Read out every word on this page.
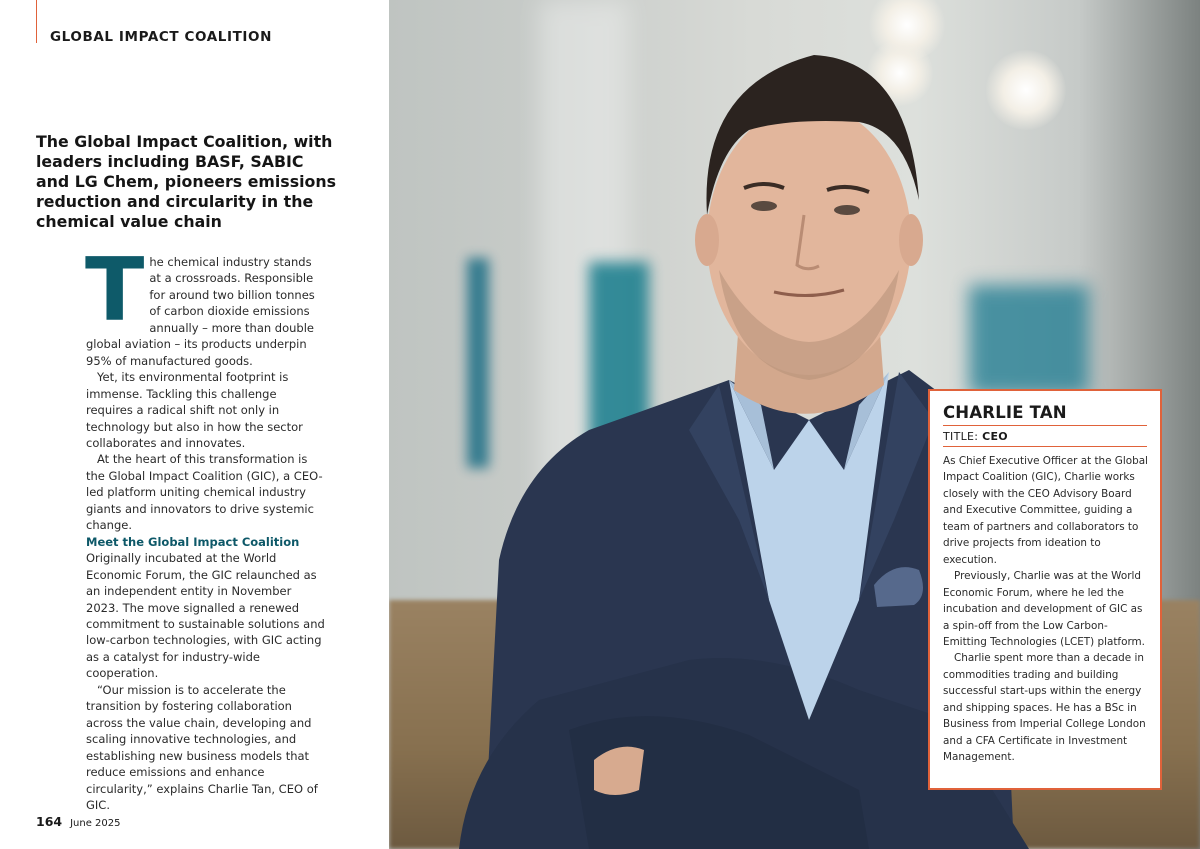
GLOBAL IMPACT COALITION
The Global Impact Coalition, with leaders including BASF, SABIC and LG Chem, pioneers emissions reduction and circularity in the chemical value chain

The chemical industry stands at a crossroads. Responsible for around two billion tonnes of carbon dioxide emissions annually – more than double global aviation – its products underpin 95% of manufactured goods.

Yet, its environmental footprint is immense. Tackling this challenge requires a radical shift not only in technology but also in how the sector collaborates and innovates.

At the heart of this transformation is the Global Impact Coalition (GIC), a CEO-led platform uniting chemical industry giants and innovators to drive systemic change.

Meet the Global Impact Coalition

Originally incubated at the World Economic Forum, the GIC relaunched as an independent entity in November 2023. The move signalled a renewed commitment to sustainable solutions and low-carbon technologies, with GIC acting as a catalyst for industry-wide cooperation.

“Our mission is to accelerate the transition by fostering collaboration across the value chain, developing and scaling innovative technologies, and establishing new business models that reduce emissions and enhance circularity,” explains Charlie Tan, CEO of GIC.

164 June 2025
CHARLIE TAN
TITLE: CEO

As Chief Executive Officer at the Global Impact Coalition (GIC), Charlie works closely with the CEO Advisory Board and Executive Committee, guiding a team of partners and collaborators to drive projects from ideation to execution.

Previously, Charlie was at the World Economic Forum, where he led the incubation and development of GIC as a spin-off from the Low Carbon-Emitting Technologies (LCET) platform.

Charlie spent more than a decade in commodities trading and building successful start-ups within the energy and shipping spaces. He has a BSc in Business from Imperial College London and a CFA Certificate in Investment Management.
